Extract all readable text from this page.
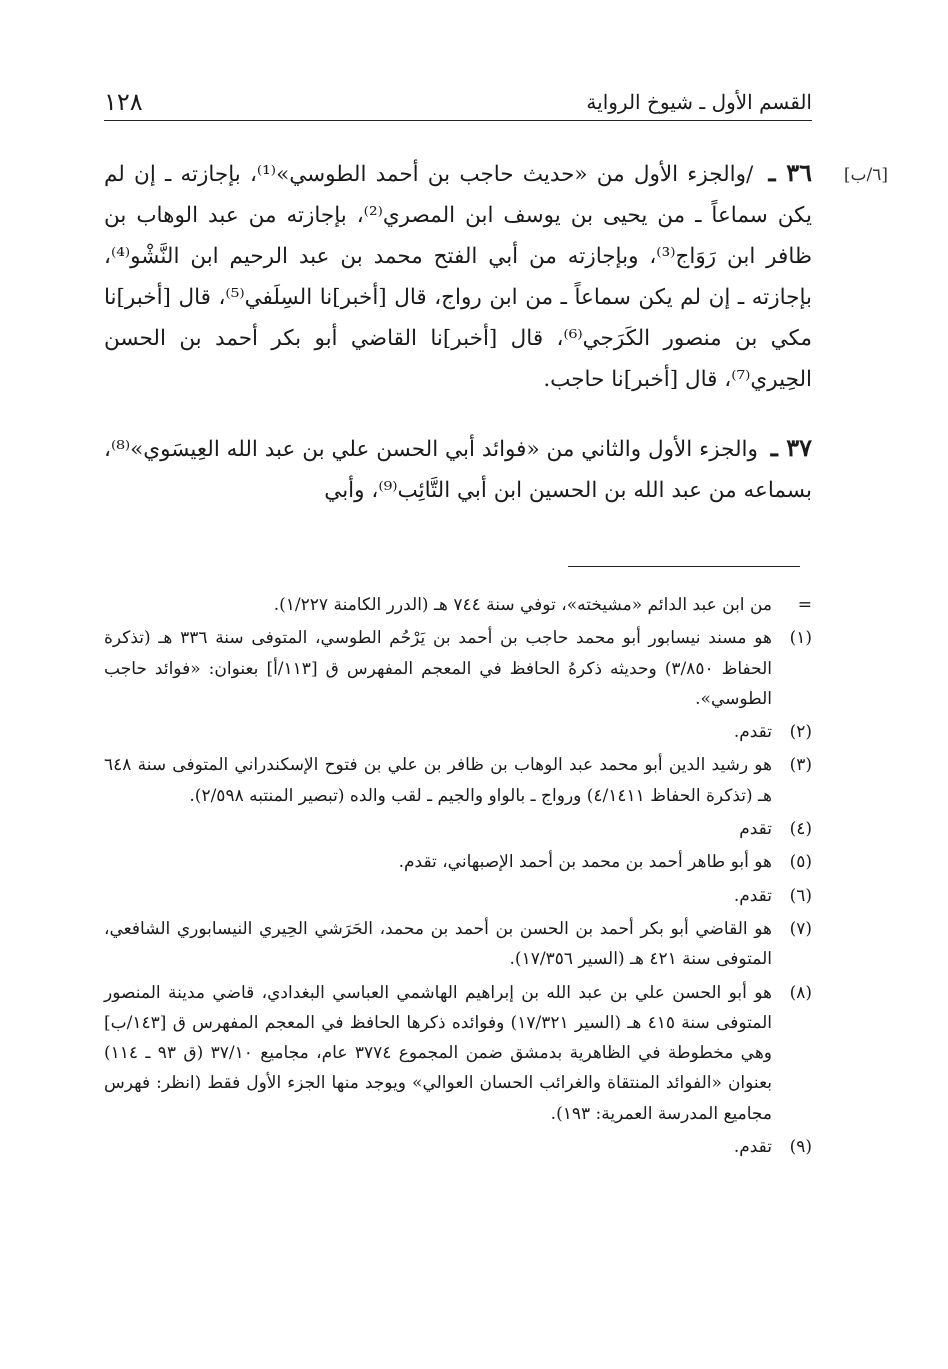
القسم الأول ـ شيوخ الرواية
١٢٨
[٦/ب]

٣٦ ـ /والجزء الأول من «حديث حاجب بن أحمد الطوسي»⁽¹⁾، بإجازته ـ إن لم يكن سماعاً ـ من يحيى بن يوسف ابن المصري⁽²⁾، بإجازته من عبد الوهاب بن ظافر ابن رَوَاج⁽³⁾، وبإجازته من أبي الفتح محمد بن عبد الرحيم ابن النَّشْو⁽⁴⁾، بإجازته ـ إن لم يكن سماعاً ـ من ابن رواج، قال [أخبر]نا السِلَفي⁽⁵⁾، قال [أخبر]نا مكي بن منصور الكَرَجي⁽⁶⁾، قال [أخبر]نا القاضي أبو بكر أحمد بن الحسن الحِيري⁽⁷⁾، قال [أخبر]نا حاجب.

٣٧ ـ والجزء الأول والثاني من «فوائد أبي الحسن علي بن عبد الله العِيسَوي»⁽⁸⁾، بسماعه من عبد الله بن الحسين ابن أبي التَّائِب⁽⁹⁾، وأبي

=
من ابن عبد الدائم «مشيخته»، توفي سنة ٧٤٤ هـ (الدرر الكامنة ١/٢٢٧).
(١)
هو مسند نيسابور أبو محمد حاجب بن أحمد بن يَرْحُم الطوسي، المتوفى سنة ٣٣٦ هـ (تذكرة الحفاظ ٣/٨٥٠) وحديثه ذكرهُ الحافظ في المعجم المفهرس ق [١١٣/أ] بعنوان: «فوائد حاجب الطوسي».
(٢)
تقدم.
(٣)
هو رشيد الدين أبو محمد عبد الوهاب بن ظافر بن علي بن فتوح الإسكندراني المتوفى سنة ٦٤٨ هـ (تذكرة الحفاظ ٤/١٤١١) ورواج ـ بالواو والجيم ـ لقب والده (تبصير المنتبه ٢/٥٩٨).
(٤)
تقدم
(٥)
هو أبو طاهر أحمد بن محمد بن أحمد الإصبهاني، تقدم.
(٦)
تقدم.
(٧)
هو القاضي أبو بكر أحمد بن الحسن بن أحمد بن محمد، الحَرَشي الحِيري النيسابوري الشافعي، المتوفى سنة ٤٢١ هـ (السير ١٧/٣٥٦).
(٨)
هو أبو الحسن علي بن عبد الله بن إبراهيم الهاشمي العباسي البغدادي، قاضي مدينة المنصور المتوفى سنة ٤١٥ هـ (السير ١٧/٣٢١) وفوائده ذكرها الحافظ في المعجم المفهرس ق [١٤٣/ب] وهي مخطوطة في الظاهرية بدمشق ضمن المجموع ٣٧٧٤ عام، مجاميع ٣٧/١٠ (ق ٩٣ ـ ١١٤) بعنوان «الفوائد المنتقاة والغرائب الحسان العوالي» ويوجد منها الجزء الأول فقط (انظر: فهرس مجاميع المدرسة العمرية: ١٩٣).
(٩)
تقدم.
